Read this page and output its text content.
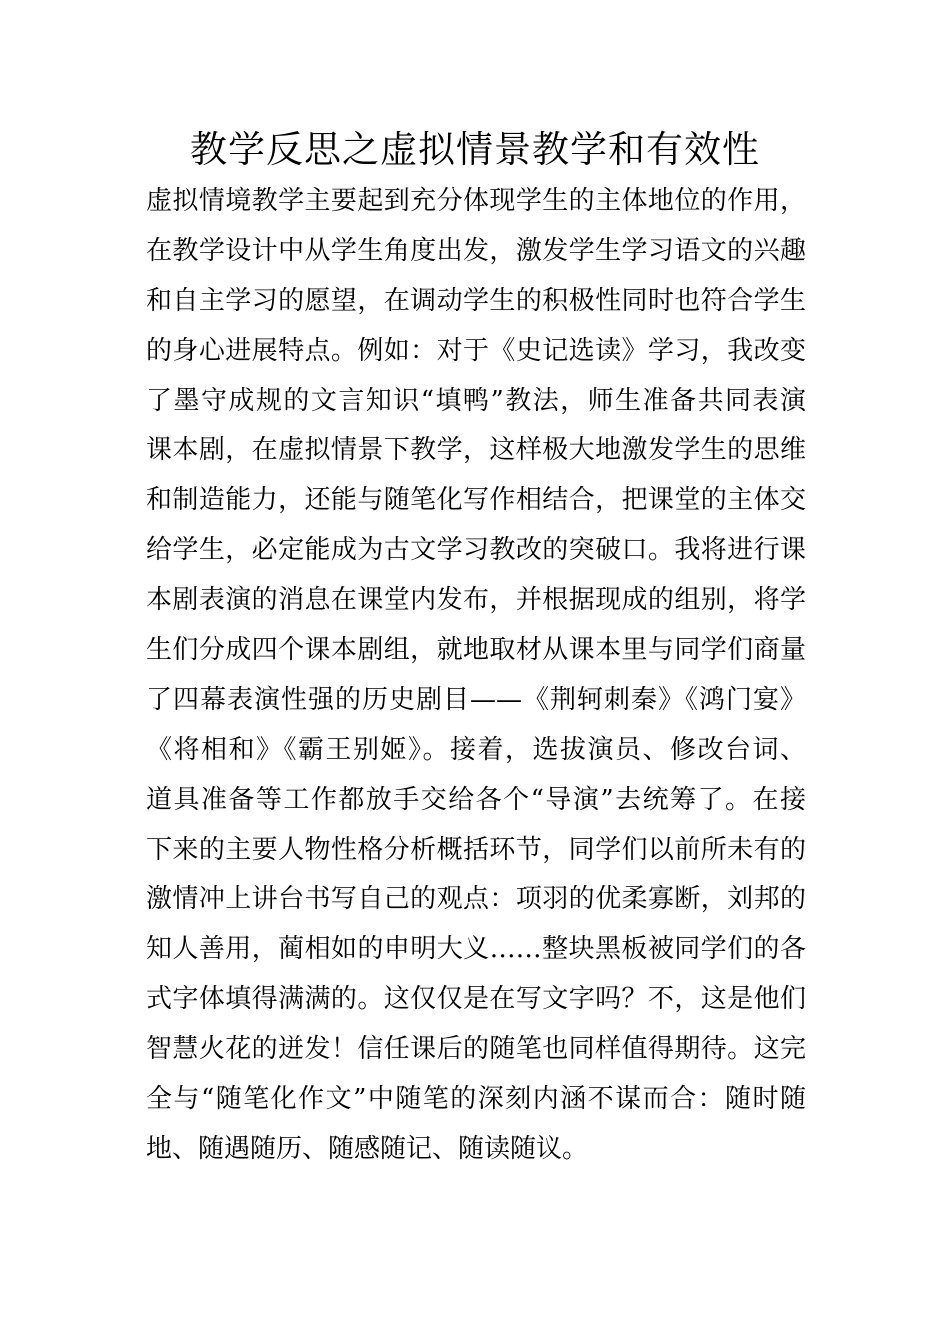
教学反思之虚拟情景教学和有效性
虚拟情境教学主要起到充分体现学生的主体地位的作用，
在教学设计中从学生角度出发，激发学生学习语文的兴趣
和自主学习的愿望，在调动学生的积极性同时也符合学生
的身心进展特点。例如：对于《史记选读》学习，我改变
了墨守成规的文言知识“填鸭”教法，师生准备共同表演
课本剧，在虚拟情景下教学，这样极大地激发学生的思维
和制造能力，还能与随笔化写作相结合，把课堂的主体交
给学生，必定能成为古文学习教改的突破口。我将进行课
本剧表演的消息在课堂内发布，并根据现成的组别，将学
生们分成四个课本剧组，就地取材从课本里与同学们商量
了四幕表演性强的历史剧目——《荆轲刺秦》《鸿门宴》
《将相和》《霸王别姬》。接着，选拔演员、修改台词、
道具准备等工作都放手交给各个“导演”去统筹了。在接
下来的主要人物性格分析概括环节，同学们以前所未有的
激情冲上讲台书写自己的观点：项羽的优柔寡断，刘邦的
知人善用，蔺相如的申明大义……整块黑板被同学们的各
式字体填得满满的。这仅仅是在写文字吗？不，这是他们
智慧火花的迸发！信任课后的随笔也同样值得期待。这完
全与“随笔化作文”中随笔的深刻内涵不谋而合：随时随
地、随遇随历、随感随记、随读随议。
